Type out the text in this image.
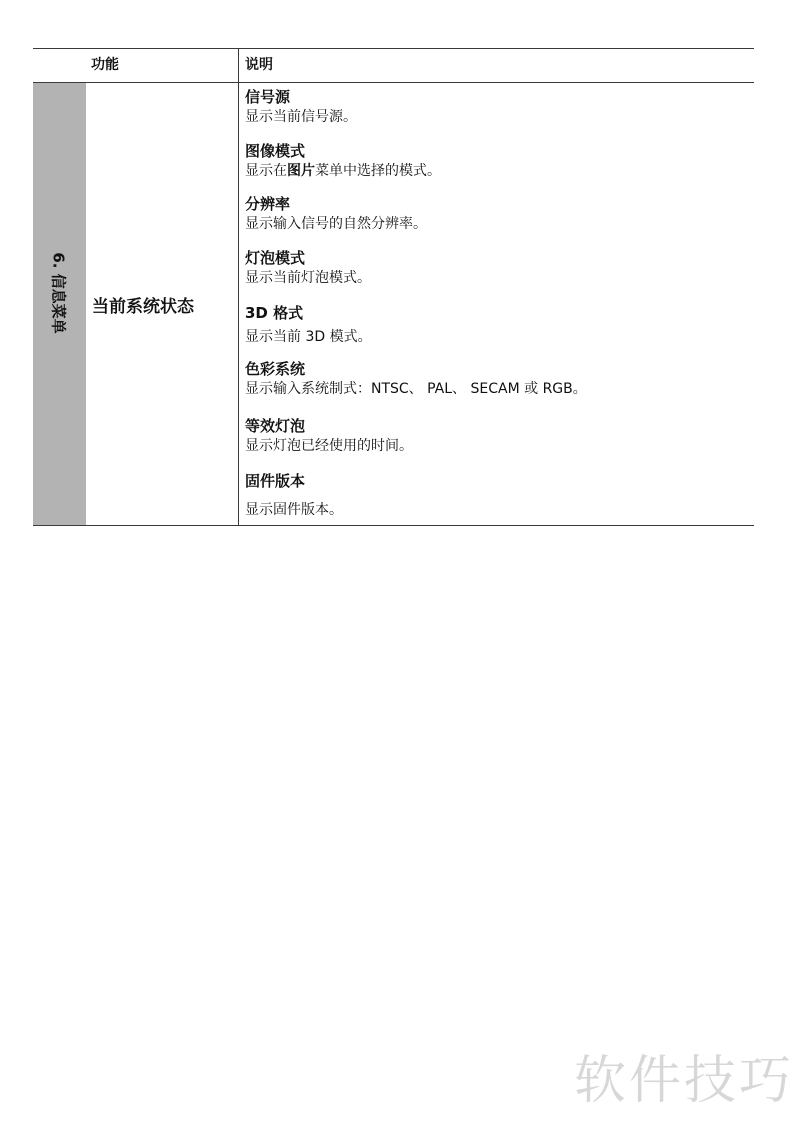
功能	说明
6. 信息菜单 当前系统状态
信号源
显示当前信号源。
图像模式
显示在图片菜单中选择的模式。
分辨率
显示输入信号的自然分辨率。
灯泡模式
显示当前灯泡模式。
3D 格式
显示当前 3D 模式。
色彩系统
显示输入系统制式：NTSC、 PAL、 SECAM 或 RGB。
等效灯泡
显示灯泡已经使用的时间。
固件版本
显示固件版本。
软件技巧
